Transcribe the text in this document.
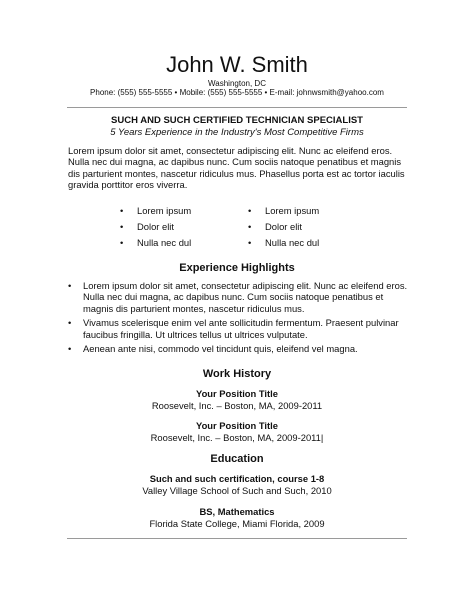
John W. Smith
Washington, DC
Phone: (555) 555-5555 • Mobile: (555) 555-5555 • E-mail: johnwsmith@yahoo.com
SUCH AND SUCH CERTIFIED TECHNICIAN SPECIALIST
5 Years Experience in the Industry's Most Competitive Firms

Lorem ipsum dolor sit amet, consectetur adipiscing elit. Nunc ac eleifend eros. Nulla nec dui magna, ac dapibus nunc. Cum sociis natoque penatibus et magnis dis parturient montes, nascetur ridiculus mus. Phasellus porta est ac tortor iaculis gravida porttitor eros viverra.

• Lorem ipsum
• Dolor elit
• Nulla nec dul
• Lorem ipsum
• Dolor elit
• Nulla nec dul
Experience Highlights
• Lorem ipsum dolor sit amet, consectetur adipiscing elit. Nunc ac eleifend eros. Nulla nec dui magna, ac dapibus nunc. Cum sociis natoque penatibus et magnis dis parturient montes, nascetur ridiculus mus.
• Vivamus scelerisque enim vel ante sollicitudin fermentum. Praesent pulvinar faucibus fringilla. Ut ultrices tellus ut ultrices vulputate.
• Aenean ante nisi, commodo vel tincidunt quis, eleifend vel magna.
Work History
Your Position Title
Roosevelt, Inc. – Boston, MA, 2009-2011
Your Position Title
Roosevelt, Inc. – Boston, MA, 2009-2011|
Education
Such and such certification, course 1-8
Valley Village School of Such and Such, 2010
BS, Mathematics
Florida State College, Miami Florida, 2009
